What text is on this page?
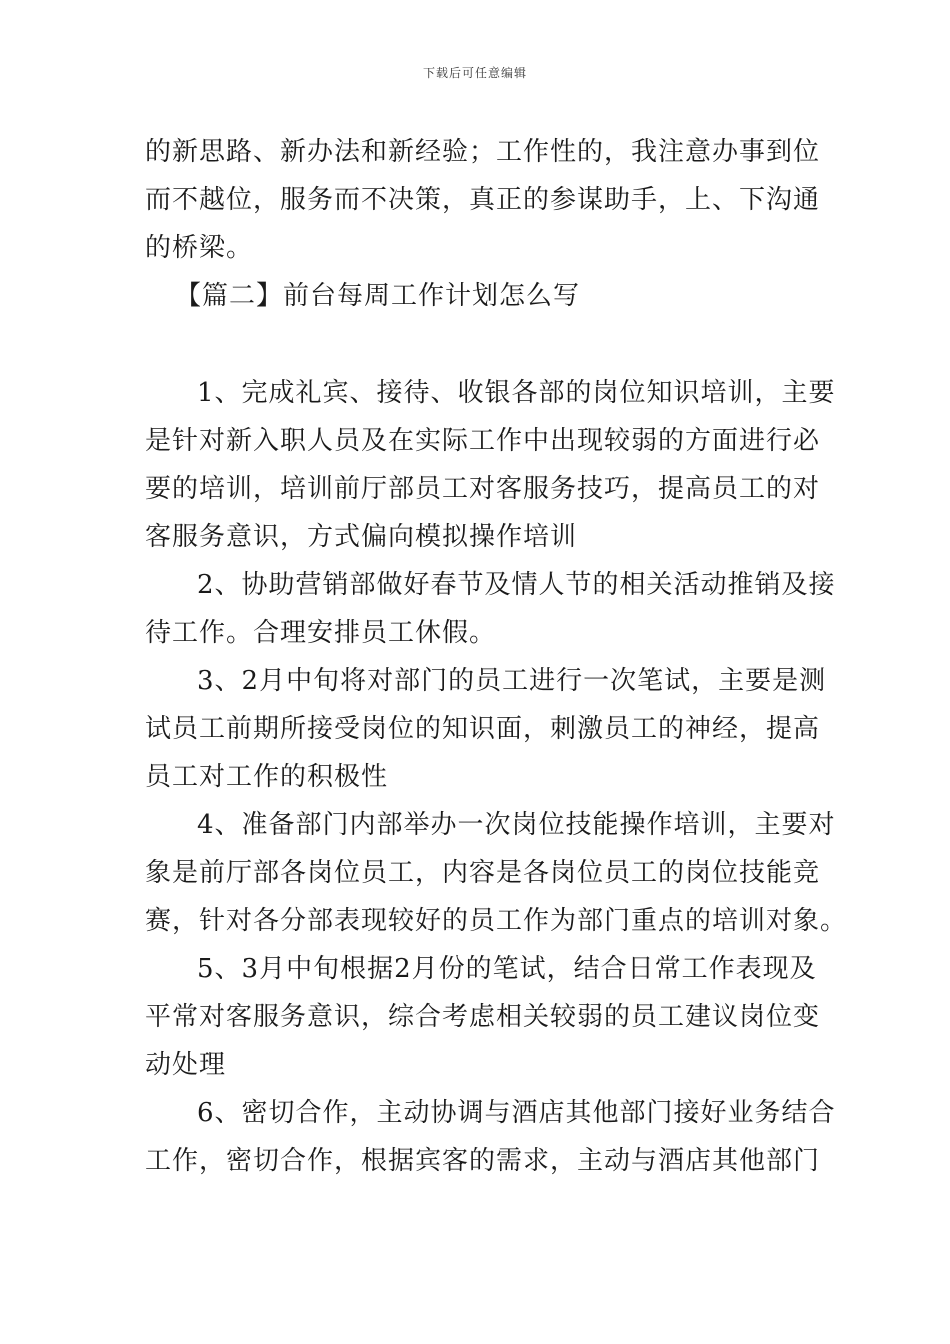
下载后可任意编辑
的新思路、新办法和新经验；工作性的，我注意办事到位
而不越位，服务而不决策，真正的参谋助手，上、下沟通
的桥梁。
【篇二】前台每周工作计划怎么写
1、完成礼宾、接待、收银各部的岗位知识培训，主要
是针对新入职人员及在实际工作中出现较弱的方面进行必
要的培训，培训前厅部员工对客服务技巧，提高员工的对
客服务意识，方式偏向模拟操作培训
2、协助营销部做好春节及情人节的相关活动推销及接
待工作。合理安排员工休假。
3、2月中旬将对部门的员工进行一次笔试，主要是测
试员工前期所接受岗位的知识面，刺激员工的神经，提高
员工对工作的积极性
4、准备部门内部举办一次岗位技能操作培训，主要对
象是前厅部各岗位员工，内容是各岗位员工的岗位技能竞
赛，针对各分部表现较好的员工作为部门重点的培训对象。
5、3月中旬根据2月份的笔试，结合日常工作表现及
平常对客服务意识，综合考虑相关较弱的员工建议岗位变
动处理
6、密切合作，主动协调与酒店其他部门接好业务结合
工作，密切合作，根据宾客的需求，主动与酒店其他部门
